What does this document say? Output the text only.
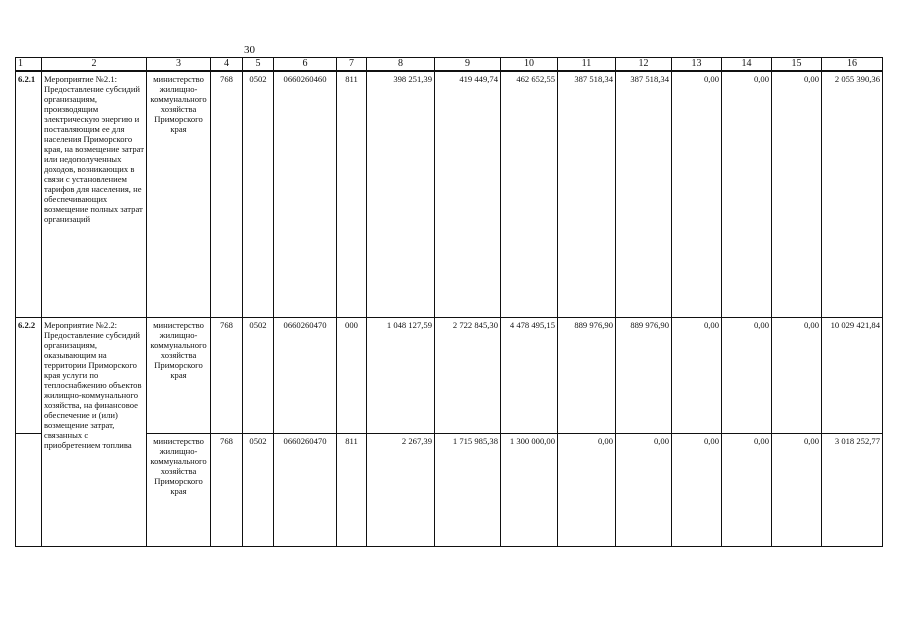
30
1	2	3	4	5	6	7	8	9	10	11	12	13	14	15	16
6.2.1	Мероприятие №2.1: Предоставление субсидий организациям, производящим электрическую энергию и поставляющим ее для населения Приморского края, на возмещение затрат или недополученных доходов, возникающих в связи с установлением тарифов для населения, не обеспечивающих возмещение полных затрат организаций	министерство жилищно-коммунального хозяйства Приморского края	768	0502	0660260460	811	398 251,39	419 449,74	462 652,55	387 518,34	387 518,34	0,00	0,00	0,00	2 055 390,36
6.2.2	Мероприятие №2.2: Предоставление субсидий организациям, оказывающим на территории Приморского края услуги по теплоснабжению объектов жилищно-коммунального хозяйства, на финансовое обеспечение и (или) возмещение затрат, связанных с приобретением топлива	министерство жилищно-коммунального хозяйства Приморского края	768	0502	0660260470	000	1 048 127,59	2 722 845,30	4 478 495,15	889 976,90	889 976,90	0,00	0,00	0,00	10 029 421,84
		министерство жилищно-коммунального хозяйства Приморского края	768	0502	0660260470	811	2 267,39	1 715 985,38	1 300 000,00	0,00	0,00	0,00	0,00	0,00	3 018 252,77
